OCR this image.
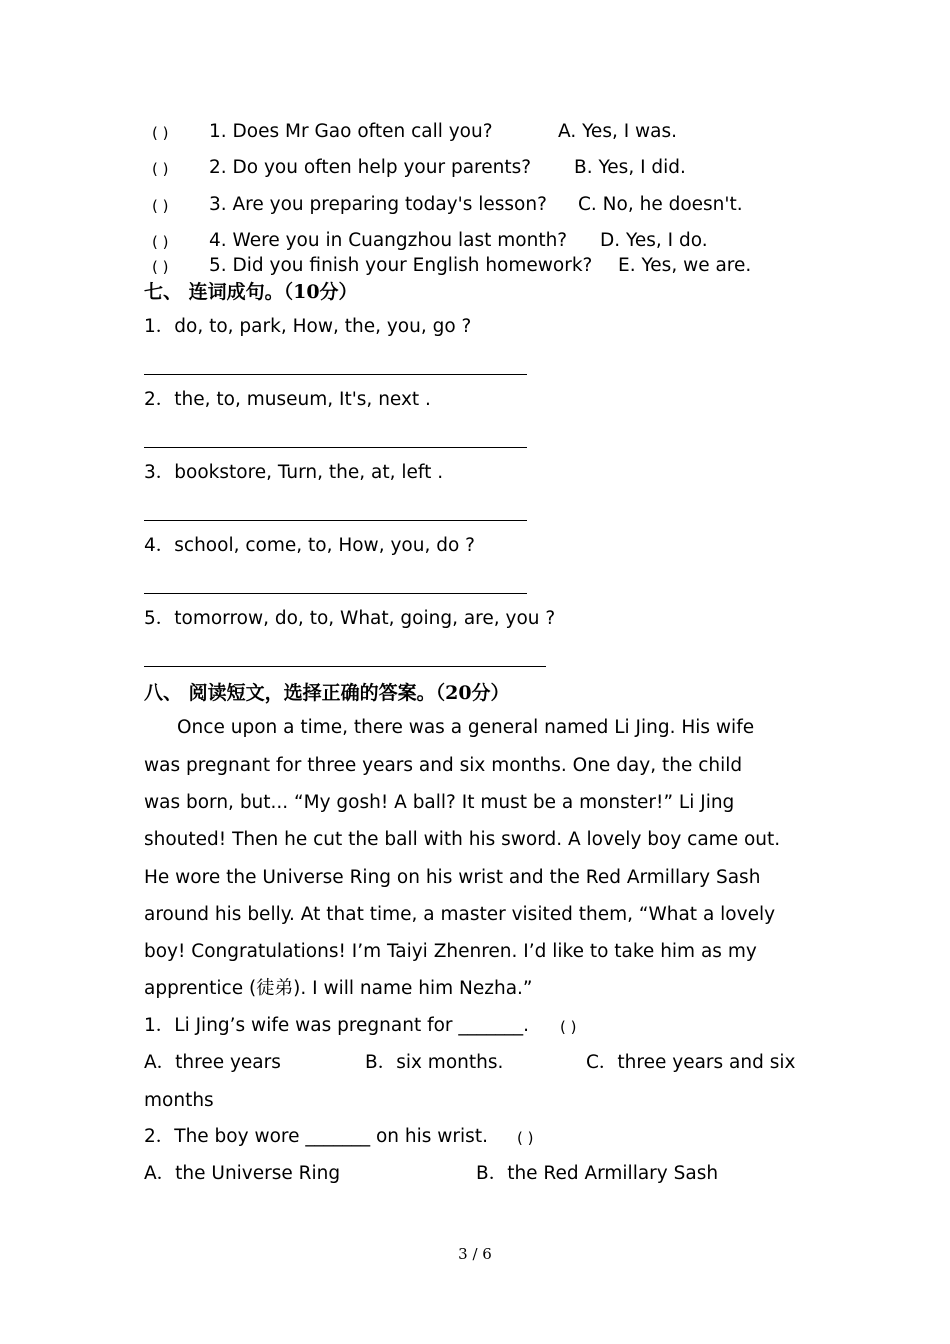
( ) 1. Does Mr Gao often call you?	A. Yes, I was.
( ) 2. Do you often help your parents? B. Yes, I did.
( ) 3. Are you preparing today's lesson? C. No, he doesn't.
( ) 4. Were you in Cuangzhou last month? D. Yes, I do.
( ) 5. Did you finish your English homework? E. Yes, we are.
七、 连词成句。（10分）
1．do, to, park, How, the, you, go ?
2．the, to, museum, It's, next .
3．bookstore, Turn, the, at, left .
4．school, come, to, How, you, do ?
5．tomorrow, do, to, What, going, are, you ?
八、 阅读短文，选择正确的答案。（20分）
Once upon a time, there was a general named Li Jing. His wife
was pregnant for three years and six months. One day, the child
was born, but... “My gosh! A ball? It must be a monster!” Li Jing
shouted! Then he cut the ball with his sword. A lovely boy came out.
He wore the Universe Ring on his wrist and the Red Armillary Sash
around his belly. At that time, a master visited them, “What a lovely
boy! Congratulations! I’m Taiyi Zhenren. I’d like to take him as my
apprentice (徒弟). I will name him Nezha.”
1．Li Jing’s wife was pregnant for _______. ( )
A．three years	B．six months.	C．three years and six
months
2．The boy wore _______ on his wrist. ( )
A．the Universe Ring	B．the Red Armillary Sash
3 / 6
